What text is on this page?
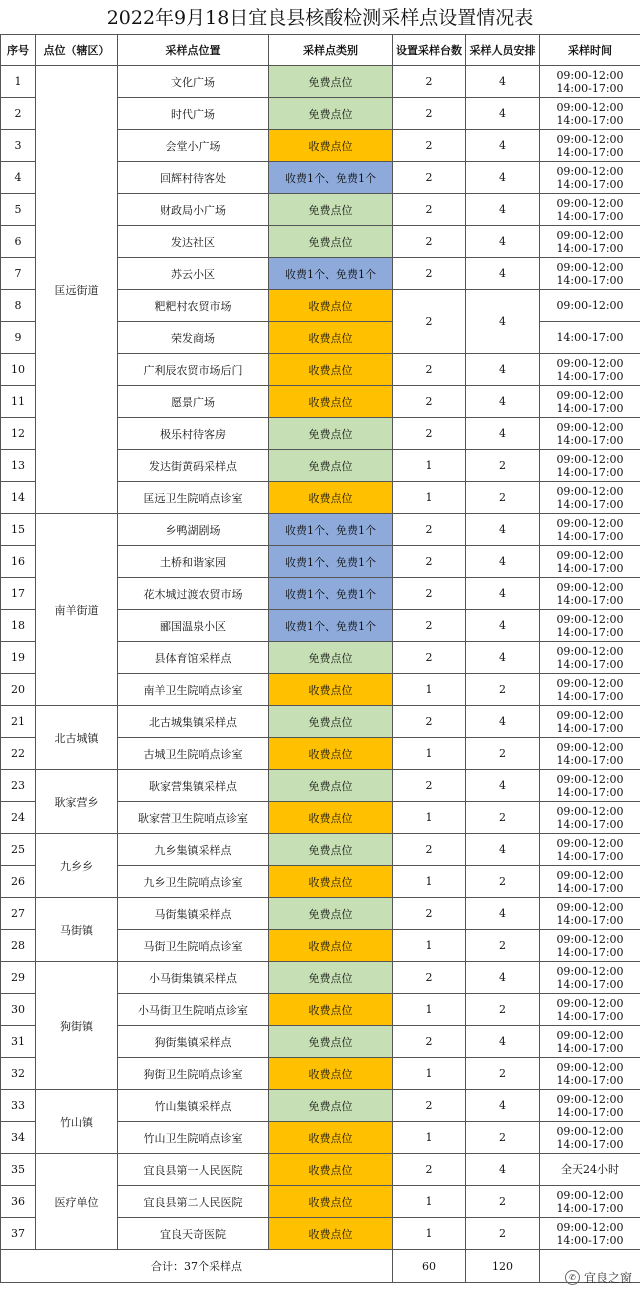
2022年9月18日宜良县核酸检测采样点设置情况表
序号	点位（辖区）	采样点位置	采样点类别	设置采样台数	采样人员安排	采样时间
1	匡远街道	文化广场	免费点位	2	4	09:00-12:00
14:00-17:00

2		时代广场	免费点位	2	4	09:00-12:00
14:00-17:00

3		会堂小广场	收费点位	2	4	09:00-12:00
14:00-17:00

4		回辉村待客处	收费1个、免费1个	2	4	09:00-12:00
14:00-17:00

5		财政局小广场	免费点位	2	4	09:00-12:00
14:00-17:00

6		发达社区	免费点位	2	4	09:00-12:00
14:00-17:00

7		苏云小区	收费1个、免费1个	2	4	09:00-12:00
14:00-17:00

8		粑粑村农贸市场	收费点位	2	4	09:00-12:00

9		荣发商场	收费点位			14:00-17:00

10		广利辰农贸市场后门	收费点位	2	4	09:00-12:00
14:00-17:00

11		愿景广场	收费点位	2	4	09:00-12:00
14:00-17:00

12		极乐村待客房	免费点位	2	4	09:00-12:00
14:00-17:00

13		发达街黄码采样点	免费点位	1	2	09:00-12:00
14:00-17:00

14		匡远卫生院哨点诊室	收费点位	1	2	09:00-12:00
14:00-17:00

15	南羊街道	乡鸭湖剧场	收费1个、免费1个	2	4	09:00-12:00
14:00-17:00

16		土桥和谐家园	收费1个、免费1个	2	4	09:00-12:00
14:00-17:00

17		花木城过渡农贸市场	收费1个、免费1个	2	4	09:00-12:00
14:00-17:00

18		郦国温泉小区	收费1个、免费1个	2	4	09:00-12:00
14:00-17:00

19		县体育馆采样点	免费点位	2	4	09:00-12:00
14:00-17:00

20		南羊卫生院哨点诊室	收费点位	1	2	09:00-12:00
14:00-17:00

21	北古城镇	北古城集镇采样点	免费点位	2	4	09:00-12:00
14:00-17:00

22		古城卫生院哨点诊室	收费点位	1	2	09:00-12:00
14:00-17:00

23	耿家营乡	耿家营集镇采样点	免费点位	2	4	09:00-12:00
14:00-17:00

24		耿家营卫生院哨点诊室	收费点位	1	2	09:00-12:00
14:00-17:00

25	九乡乡	九乡集镇采样点	免费点位	2	4	09:00-12:00
14:00-17:00

26		九乡卫生院哨点诊室	收费点位	1	2	09:00-12:00
14:00-17:00

27	马街镇	马街集镇采样点	免费点位	2	4	09:00-12:00
14:00-17:00

28		马街卫生院哨点诊室	收费点位	1	2	09:00-12:00
14:00-17:00

29	狗街镇	小马街集镇采样点	免费点位	2	4	09:00-12:00
14:00-17:00

30		小马街卫生院哨点诊室	收费点位	1	2	09:00-12:00
14:00-17:00

31		狗街集镇采样点	免费点位	2	4	09:00-12:00
14:00-17:00

32		狗街卫生院哨点诊室	收费点位	1	2	09:00-12:00
14:00-17:00

33	竹山镇	竹山集镇采样点	免费点位	2	4	09:00-12:00
14:00-17:00

34		竹山卫生院哨点诊室	收费点位	1	2	09:00-12:00
14:00-17:00

35	医疗单位	宜良县第一人民医院	收费点位	2	4	全天24小时

36		宜良县第二人民医院	收费点位	1	2	09:00-12:00
14:00-17:00

37		宜良天奇医院	收费点位	1	2	09:00-12:00
14:00-17:00

合计：37个采样点				60	120	
✆ 宜良之窗
